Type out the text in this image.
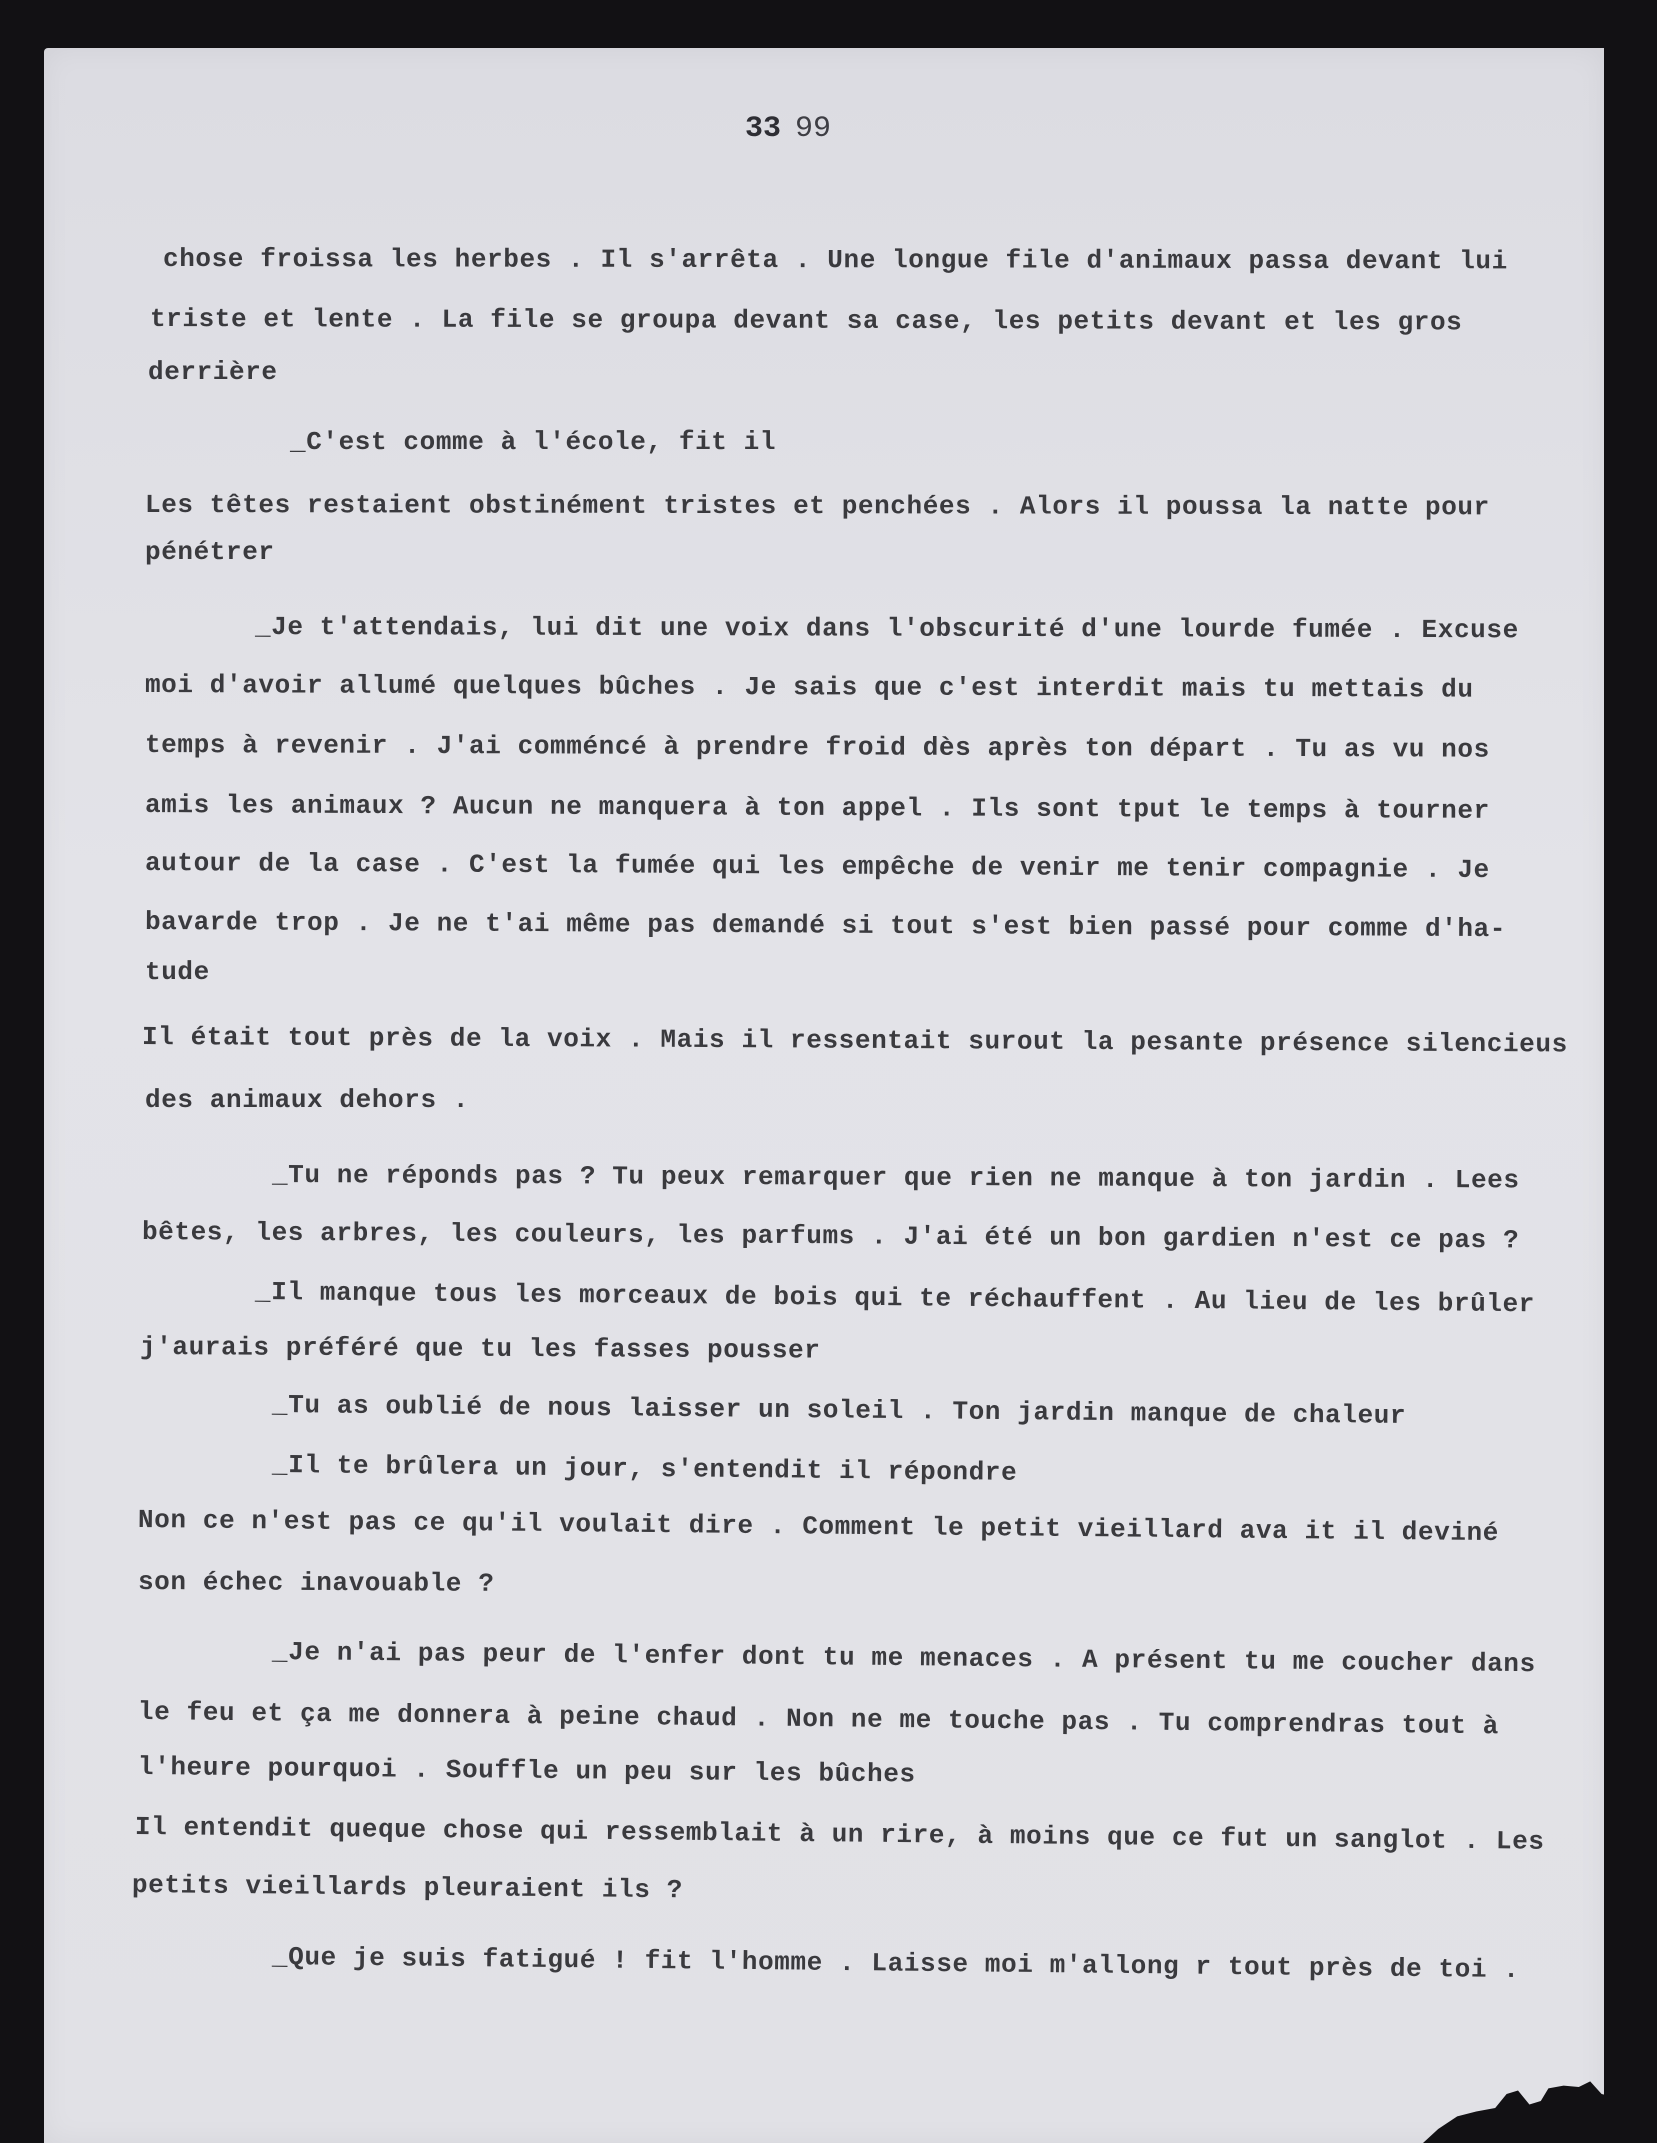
33 99
chose froissa les herbes . Il s'arrêta . Une longue file d'animaux passa devant lui
triste et lente . La file se groupa devant sa case, les petits devant et les gros
derrière
_C'est comme à l'école, fit il
Les têtes restaient obstinément tristes et penchées . Alors il poussa la natte pour
pénétrer
_Je t'attendais, lui dit une voix dans l'obscurité d'une lourde fumée . Excuse
moi d'avoir allumé quelques bûches . Je sais que c'est interdit mais tu mettais du
temps à revenir . J'ai comméncé à prendre froid dès après ton départ . Tu as vu nos
amis les animaux ? Aucun ne manquera à ton appel . Ils sont tput le temps à tourner
autour de la case . C'est la fumée qui les empêche de venir me tenir compagnie . Je
bavarde trop . Je ne t'ai même pas demandé si tout s'est bien passé pour comme d'ha-
tude
Il était tout près de la voix . Mais il ressentait surout la pesante présence silencieus
des animaux dehors .
_Tu ne réponds pas ? Tu peux remarquer que rien ne manque à ton jardin . Lees
bêtes, les arbres, les couleurs, les parfums . J'ai été un bon gardien n'est ce pas ?
_Il manque tous les morceaux de bois qui te réchauffent . Au lieu de les brûler
j'aurais préféré que tu les fasses pousser
_Tu as oublié de nous laisser un soleil . Ton jardin manque de chaleur
_Il te brûlera un jour, s'entendit il répondre
Non ce n'est pas ce qu'il voulait dire . Comment le petit vieillard ava it il deviné
son échec inavouable ?
_Je n'ai pas peur de l'enfer dont tu me menaces . A présent tu me coucher dans
le feu et ça me donnera à peine chaud . Non ne me touche pas . Tu comprendras tout à
l'heure pourquoi . Souffle un peu sur les bûches
Il entendit queque chose qui ressemblait à un rire, à moins que ce fut un sanglot . Les
petits vieillards pleuraient ils ?
_Que je suis fatigué ! fit l'homme . Laisse moi m'allong r tout près de toi .
